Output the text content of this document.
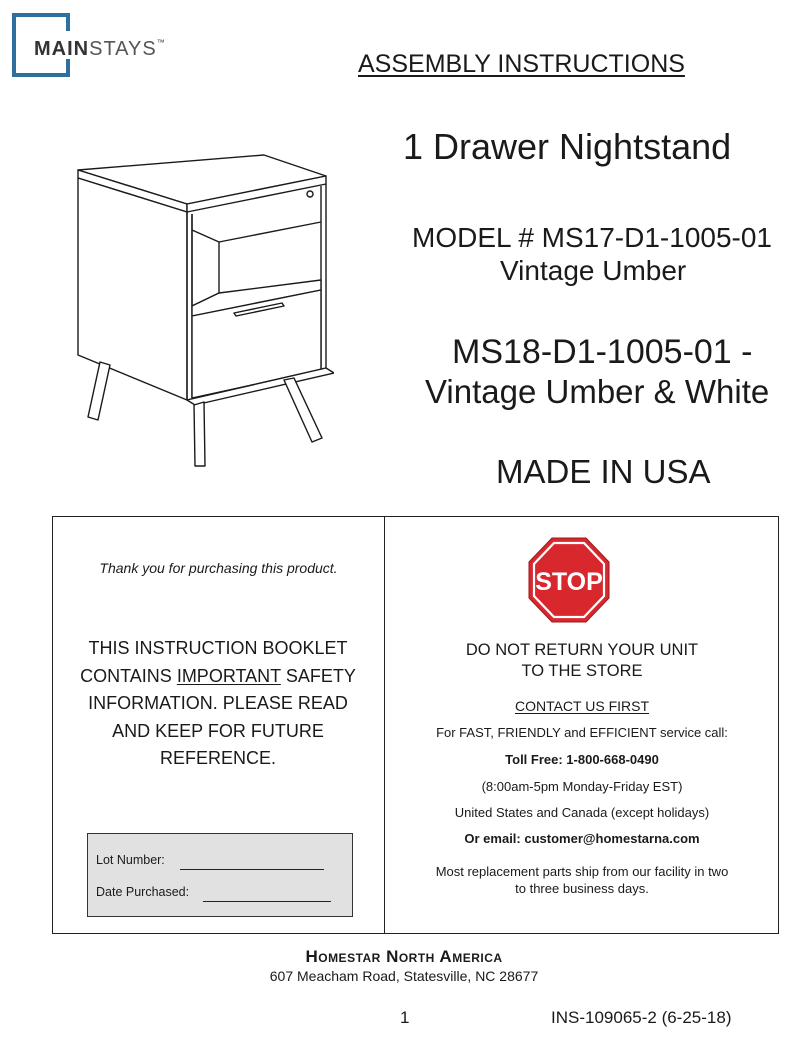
MAINSTAYS™
ASSEMBLY INSTRUCTIONS
1 Drawer Nightstand
MODEL # MS17-D1-1005-01
Vintage Umber
MS18-D1-1005-01 -
Vintage Umber & White
MADE IN USA
Thank you for purchasing this product.
THIS INSTRUCTION BOOKLET
CONTAINS IMPORTANT SAFETY
INFORMATION. PLEASE READ
AND KEEP FOR FUTURE
REFERENCE.
Lot Number:
Date Purchased:
STOP
DO NOT RETURN YOUR UNIT
TO THE STORE
CONTACT US FIRST
For FAST, FRIENDLY and EFFICIENT service call:
Toll Free: 1-800-668-0490
(8:00am-5pm Monday-Friday EST)
United States and Canada (except holidays)
Or email: customer@homestarna.com
Most replacement parts ship from our facility in two
to three business days.
Homestar North America
607 Meacham Road, Statesville, NC 28677
1	INS-109065-2 (6-25-18)
